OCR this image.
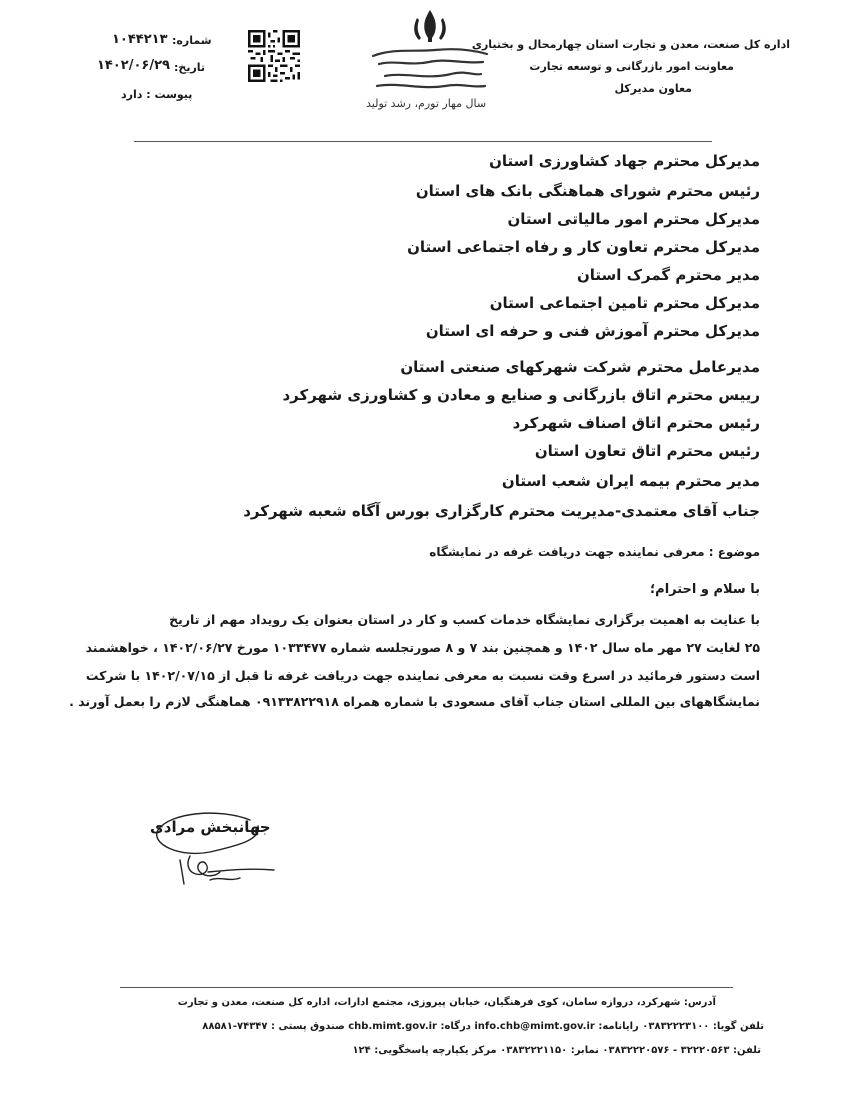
اداره کل صنعت، معدن و تجارت استان چهارمحال و بختیاری
معاونت امور بازرگانی و توسعه تجارت
معاون مدیرکل
سال مهار تورم، رشد تولید
شماره:
۱۰۴۴۲۱۳
تاریخ:
۱۴۰۲/۰۶/۲۹
پیوست : دارد
مدیرکل محترم جهاد کشاورزی استان
رئیس محترم شورای هماهنگی بانک های استان
مدیرکل محترم امور مالیاتی استان
مدیرکل محترم تعاون کار و رفاه اجتماعی استان
مدیر محترم گمرک استان
مدیرکل محترم تامین اجتماعی استان
مدیرکل محترم آموزش فنی و حرفه ای استان
مدیرعامل محترم شرکت شهرکهای صنعتی استان
رییس محترم اتاق بازرگانی و صنایع و معادن و کشاورزی شهرکرد
رئیس محترم اتاق اصناف شهرکرد
رئیس محترم اتاق تعاون استان
مدیر محترم بیمه ایران شعب استان
جناب آقای معتمدی-مدیریت محترم کارگزاری بورس آگاه شعبه شهرکرد
موضوع : معرفی نماینده جهت دریافت غرفه در نمایشگاه
با سلام و احترام؛
با عنایت به اهمیت برگزاری نمایشگاه خدمات کسب و کار در استان بعنوان یک رویداد مهم از تاریخ
۲۵ لغایت ۲۷ مهر ماه سال ۱۴۰۲ و همچنین بند ۷ و ۸ صورتجلسه شماره ۱۰۳۳۴۷۷ مورخ ۱۴۰۲/۰۶/۲۷ ، خواهشمند
است دستور فرمائید در اسرع وقت نسبت به معرفی نماینده جهت دریافت غرفه تا قبل از ۱۴۰۲/۰۷/۱۵ با شرکت
نمایشگاههای بین المللی استان جناب آقای مسعودی با شماره همراه ۰۹۱۳۳۸۲۲۹۱۸ هماهنگی لازم را بعمل آورند .
جهانبخش مرادی
آدرس: شهرکرد، دروازه سامان، کوی فرهنگیان، خیابان پیروزی، مجتمع ادارات، اداره کل صنعت، معدن و تجارت
تلفن گویا: ۰۳۸۳۲۲۲۳۱۰۰ رایانامه: info.chb@mimt.gov.ir درگاه: chb.mimt.gov.ir صندوق پستی : ۷۴۳۴۷-۸۸۵۸۱
تلفن: ۳۲۲۲۰۵۶۳ - ۰۳۸۳۲۲۲۰۵۷۶ نمابر: ۰۳۸۳۲۲۲۱۱۵۰ مرکز یکپارچه پاسخگویی: ۱۲۴
